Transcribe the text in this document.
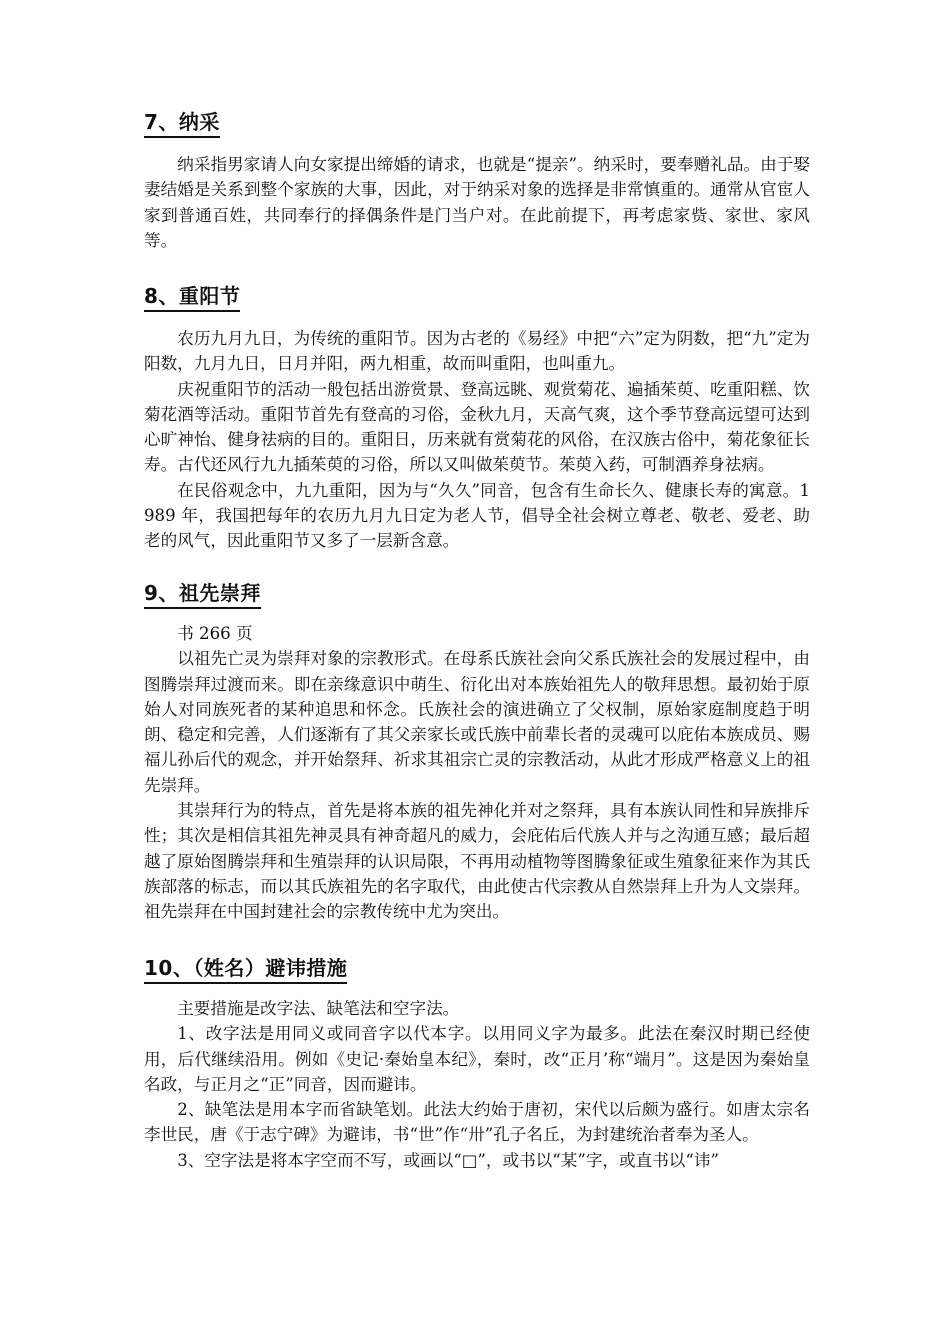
7、纳采

纳采指男家请人向女家提出缔婚的请求，也就是“提亲”。纳采时，要奉赠礼品。由于娶妻结婚是关系到整个家族的大事，因此，对于纳采对象的选择是非常慎重的。通常从官宦人家到普通百姓，共同奉行的择偶条件是门当户对。在此前提下，再考虑家赀、家世、家风等。

8、重阳节

农历九月九日，为传统的重阳节。因为古老的《易经》中把“六”定为阴数，把“九”定为阳数，九月九日，日月并阳，两九相重，故而叫重阳，也叫重九。

庆祝重阳节的活动一般包括出游赏景、登高远眺、观赏菊花、遍插茱萸、吃重阳糕、饮菊花酒等活动。重阳节首先有登高的习俗，金秋九月，天高气爽，这个季节登高远望可达到心旷神怡、健身祛病的目的。重阳日，历来就有赏菊花的风俗，在汉族古俗中，菊花象征长寿。古代还风行九九插茱萸的习俗，所以又叫做茱萸节。茱萸入药，可制酒养身祛病。

在民俗观念中，九九重阳，因为与“久久”同音，包含有生命长久、健康长寿的寓意。1989 年，我国把每年的农历九月九日定为老人节，倡导全社会树立尊老、敬老、爱老、助老的风气，因此重阳节又多了一层新含意。

9、祖先崇拜

书 266 页

以祖先亡灵为崇拜对象的宗教形式。在母系氏族社会向父系氏族社会的发展过程中，由图腾崇拜过渡而来。即在亲缘意识中萌生、衍化出对本族始祖先人的敬拜思想。最初始于原始人对同族死者的某种追思和怀念。氏族社会的演进确立了父权制，原始家庭制度趋于明朗、稳定和完善，人们逐渐有了其父亲家长或氏族中前辈长者的灵魂可以庇佑本族成员、赐福儿孙后代的观念，并开始祭拜、祈求其祖宗亡灵的宗教活动，从此才形成严格意义上的祖先崇拜。

其崇拜行为的特点，首先是将本族的祖先神化并对之祭拜，具有本族认同性和异族排斥性；其次是相信其祖先神灵具有神奇超凡的威力，会庇佑后代族人并与之沟通互感；最后超越了原始图腾崇拜和生殖崇拜的认识局限，不再用动植物等图腾象征或生殖象征来作为其氏族部落的标志，而以其氏族祖先的名字取代，由此使古代宗教从自然崇拜上升为人文崇拜。祖先崇拜在中国封建社会的宗教传统中尤为突出。

10、（姓名）避讳措施

主要措施是改字法、缺笔法和空字法。

1、改字法是用同义或同音字以代本字。以用同义字为最多。此法在秦汉时期已经使用，后代继续沿用。例如《史记·秦始皇本纪》，秦时，改“正月’称“端月”。这是因为秦始皇名政，与正月之“正”同音，因而避讳。

2、缺笔法是用本字而省缺笔划。此法大约始于唐初，宋代以后颇为盛行。如唐太宗名李世民，唐《于志宁碑》为避讳，书“世”作“卅”孔子名丘，为封建统治者奉为圣人。

3、空字法是将本字空而不写，或画以“□”，或书以“某”字，或直书以“讳”
